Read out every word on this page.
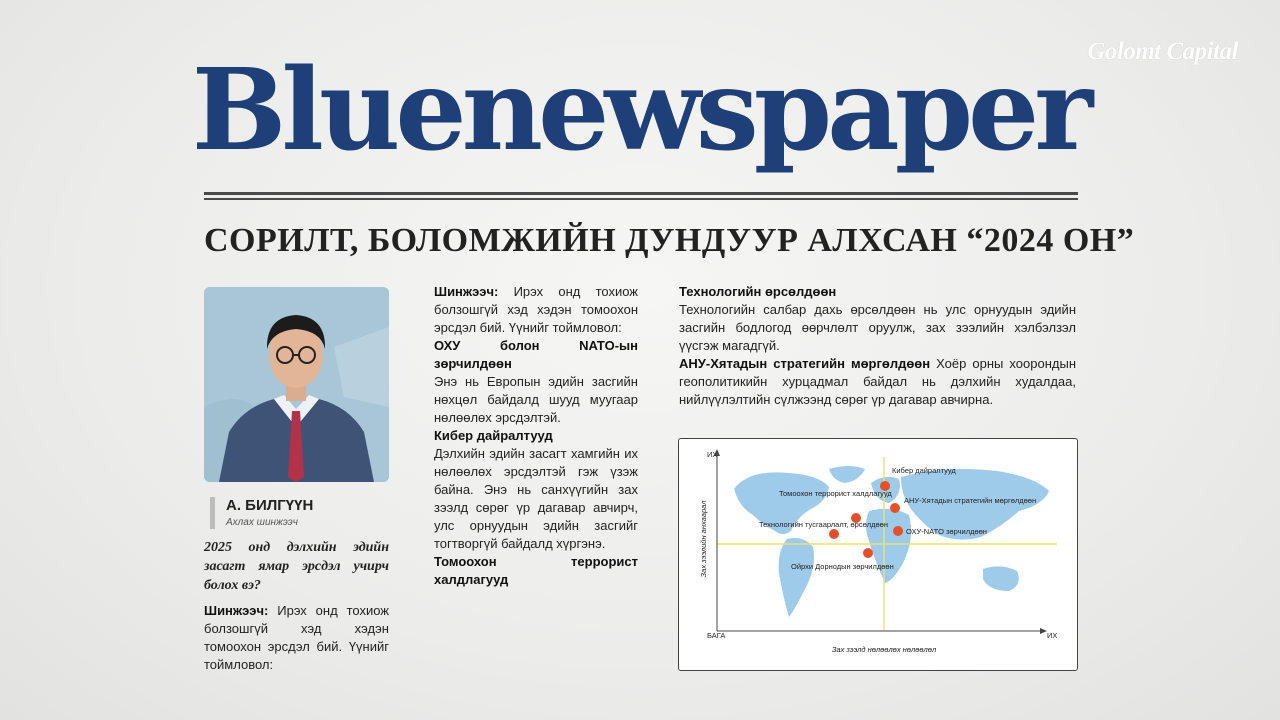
Golomt Capital
Bluenewspaper
СОРИЛТ, БОЛОМЖИЙН ДУНДУУР АЛХСАН “2024 ОН”
А. БИЛГҮҮН
Ахлах шинжээч
2025 онд дэлхийн эдийн засагт ямар эрсдэл учирч болох вэ?

Шинжээч: Ирэх онд тохиож болзошгүй хэд хэдэн томоохон эрсдэл бий. Үүнийг тоймловол:

Шинжээч: Ирэх онд тохиож болзошгүй хэд хэдэн томоохон эрсдэл бий. Үүнийг тоймловол:

ОХУ болон NATO-ын зөрчилдөөн

Энэ нь Европын эдийн засгийн нөхцөл байдалд шууд муугаар нөлөөлөх эрсдэлтэй.

Кибер дайралтууд

Дэлхийн эдийн засагт хамгийн их нөлөөлөх эрсдэлтэй гэж үзэж байна. Энэ нь санхүүгийн зах зээлд сөрөг үр дагавар авчирч, улс орнуудын эдийн засгийг тогтворгүй байдалд хүргэнэ.

Томоохон террорист халдлагууд

Технологийн өрсөлдөөн

Технологийн салбар дахь өрсөлдөөн нь улс орнуудын эдийн засгийн бодлогод өөрчлөлт оруулж, зах зээлийн хэлбэлзэл үүсгэж магадгүй.

АНУ-Хятадын стратегийн мөргөлдөөн Хоёр орны хоорондын геополитикийн хурцадмал байдал нь дэлхийн худалдаа, нийлүүлэлтийн сүлжээнд сөрөг үр дагавар авчирна.

ИХ
БАГА	ИХ
Зах зээлд нөлөөлөх нөлөөлөл
Зах зээлийн анхаарал
Кибер дайралтууд
Томоохон террорист халдлагууд
АНУ-Хятадын стратегийн мөргөлдөөн
Технологийн тусгаарлалт, өрсөлдөөн
ОХУ-NATO зөрчилдөөн
Ойрхи Дорнодын зөрчилдөөн
